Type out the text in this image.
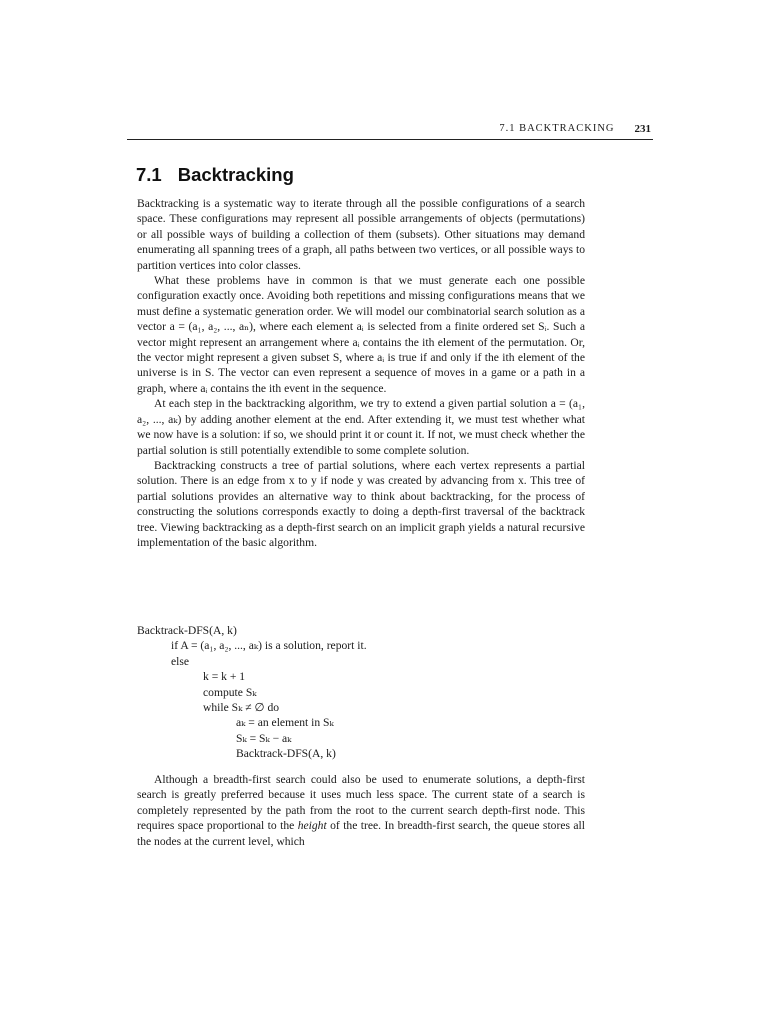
7.1 BACKTRACKING 231
7.1 Backtracking

Backtracking is a systematic way to iterate through all the possible configurations of a search space. These configurations may represent all possible arrangements of objects (permutations) or all possible ways of building a collection of them (subsets). Other situations may demand enumerating all spanning trees of a graph, all paths between two vertices, or all possible ways to partition vertices into color classes.

What these problems have in common is that we must generate each one possible configuration exactly once. Avoiding both repetitions and missing configurations means that we must define a systematic generation order. We will model our combinatorial search solution as a vector a = (a₁, a₂, ..., aₙ), where each element aᵢ is selected from a finite ordered set Sᵢ. Such a vector might represent an arrangement where aᵢ contains the ith element of the permutation. Or, the vector might represent a given subset S, where aᵢ is true if and only if the ith element of the universe is in S. The vector can even represent a sequence of moves in a game or a path in a graph, where aᵢ contains the ith event in the sequence.

At each step in the backtracking algorithm, we try to extend a given partial solution a = (a₁, a₂, ..., aₖ) by adding another element at the end. After extending it, we must test whether what we now have is a solution: if so, we should print it or count it. If not, we must check whether the partial solution is still potentially extendible to some complete solution.

Backtracking constructs a tree of partial solutions, where each vertex represents a partial solution. There is an edge from x to y if node y was created by advancing from x. This tree of partial solutions provides an alternative way to think about backtracking, for the process of constructing the solutions corresponds exactly to doing a depth-first traversal of the backtrack tree. Viewing backtracking as a depth-first search on an implicit graph yields a natural recursive implementation of the basic algorithm.

Backtrack-DFS(A, k)
if A = (a₁, a₂, ..., aₖ) is a solution, report it.
else
k = k + 1
compute Sₖ
while Sₖ ≠ ∅ do
aₖ = an element in Sₖ
Sₖ = Sₖ − aₖ
Backtrack-DFS(A, k)

Although a breadth-first search could also be used to enumerate solutions, a depth-first search is greatly preferred because it uses much less space. The current state of a search is completely represented by the path from the root to the current search depth-first node. This requires space proportional to the height of the tree. In breadth-first search, the queue stores all the nodes at the current level, which
